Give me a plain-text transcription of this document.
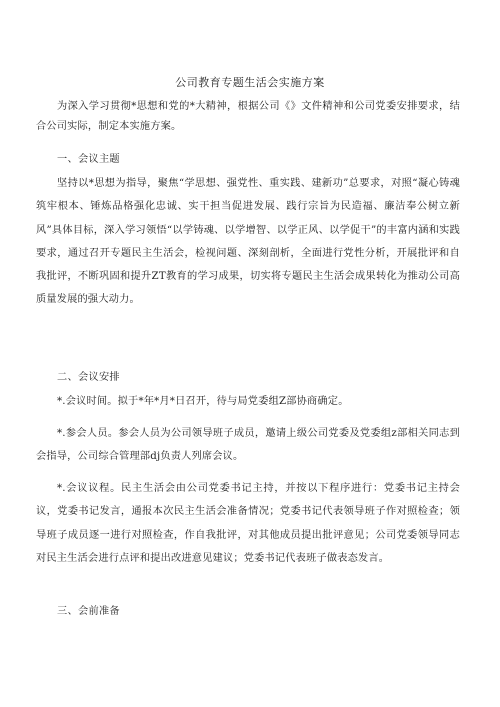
公司教育专题生活会实施方案
为深入学习贯彻*思想和党的*大精神，根据公司《》文件精神和公司党委安排要求，结合公司实际，制定本实施方案。
一、会议主题
坚持以*思想为指导，聚焦“学思想、强党性、重实践、建新功”总要求，对照“凝心铸魂筑牢根本、锤炼品格强化忠诚、实干担当促进发展、践行宗旨为民造福、廉洁奉公树立新风”具体目标，深入学习领悟“以学铸魂、以学增智、以学正风、以学促干”的丰富内涵和实践要求，通过召开专题民主生活会，检视问题、深刻剖析，全面进行党性分析，开展批评和自我批评，不断巩固和提升ZT教育的学习成果，切实将专题民主生活会成果转化为推动公司高质量发展的强大动力。
二、会议安排
*.会议时间。拟于*年*月*日召开，待与局党委组Z部协商确定。
*.参会人员。参会人员为公司领导班子成员，邀请上级公司党委及党委组z部相关同志到会指导，公司综合管理部dj负责人列席会议。
*.会议议程。民主生活会由公司党委书记主持，并按以下程序进行：党委书记主持会议，党委书记发言，通报本次民主生活会准备情况；党委书记代表领导班子作对照检查；领导班子成员逐一进行对照检查，作自我批评，对其他成员提出批评意见；公司党委领导同志对民主生活会进行点评和提出改进意见建议；党委书记代表班子做表态发言。
三、会前准备
